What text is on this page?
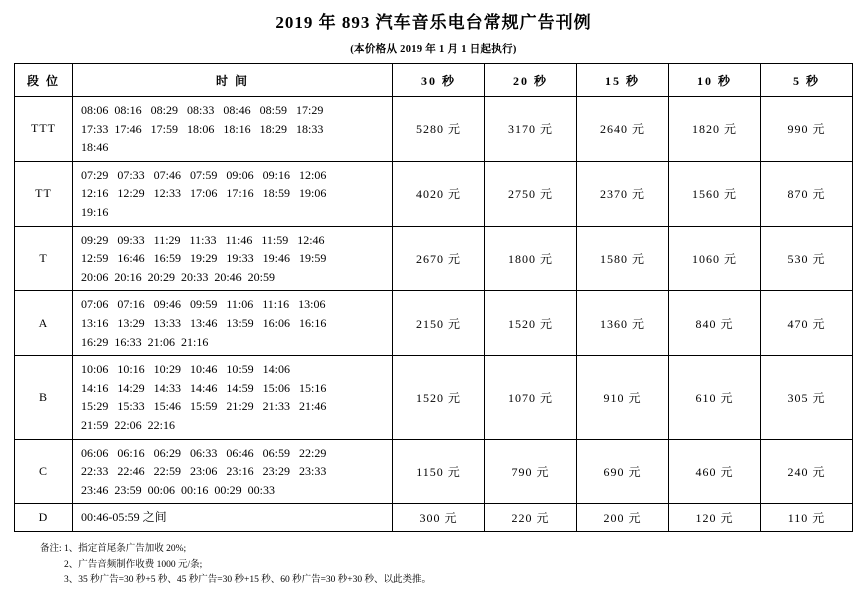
2019 年 893 汽车音乐电台常规广告刊例
(本价格从 2019 年 1 月 1 日起执行)
段 位	时 间	30 秒	20 秒	15 秒	10 秒	5 秒
TTT	08:06  08:16   08:29   08:33   08:46   08:59   17:29
17:33  17:46   17:59   18:06   18:16   18:29   18:33
18:46	5280 元	3170 元	2640 元	1820 元	990 元
TT	07:29   07:33   07:46   07:59   09:06   09:16   12:06
12:16   12:29   12:33   17:06   17:16   18:59   19:06
19:16	4020 元	2750 元	2370 元	1560 元	870 元
T	09:29   09:33   11:29   11:33   11:46   11:59   12:46
12:59   16:46   16:59   19:29   19:33   19:46   19:59
20:06  20:16  20:29  20:33  20:46  20:59	2670 元	1800 元	1580 元	1060 元	530 元
A	07:06   07:16   09:46   09:59   11:06   11:16   13:06
13:16   13:29   13:33   13:46   13:59   16:06   16:16
16:29  16:33  21:06  21:16	2150 元	1520 元	1360 元	840 元	470 元
B	10:06   10:16   10:29   10:46   10:59   14:06
14:16   14:29   14:33   14:46   14:59   15:06   15:16
15:29   15:33   15:46   15:59   21:29   21:33   21:46
21:59  22:06  22:16	1520 元	1070 元	910 元	610 元	305 元
C	06:06   06:16   06:29   06:33   06:46   06:59   22:29
22:33   22:46   22:59   23:06   23:16   23:29   23:33
23:46  23:59  00:06  00:16  00:29  00:33	1150 元	790 元	690 元	460 元	240 元
D	00:46-05:59 之间	300 元	220 元	200 元	120 元	110 元
备注: 1、指定首尾条广告加收 20%;
2、广告音频制作收费 1000 元/条;
3、35 秒广告=30 秒+5 秒、45 秒广告=30 秒+15 秒、60 秒广告=30 秒+30 秒、以此类推。
